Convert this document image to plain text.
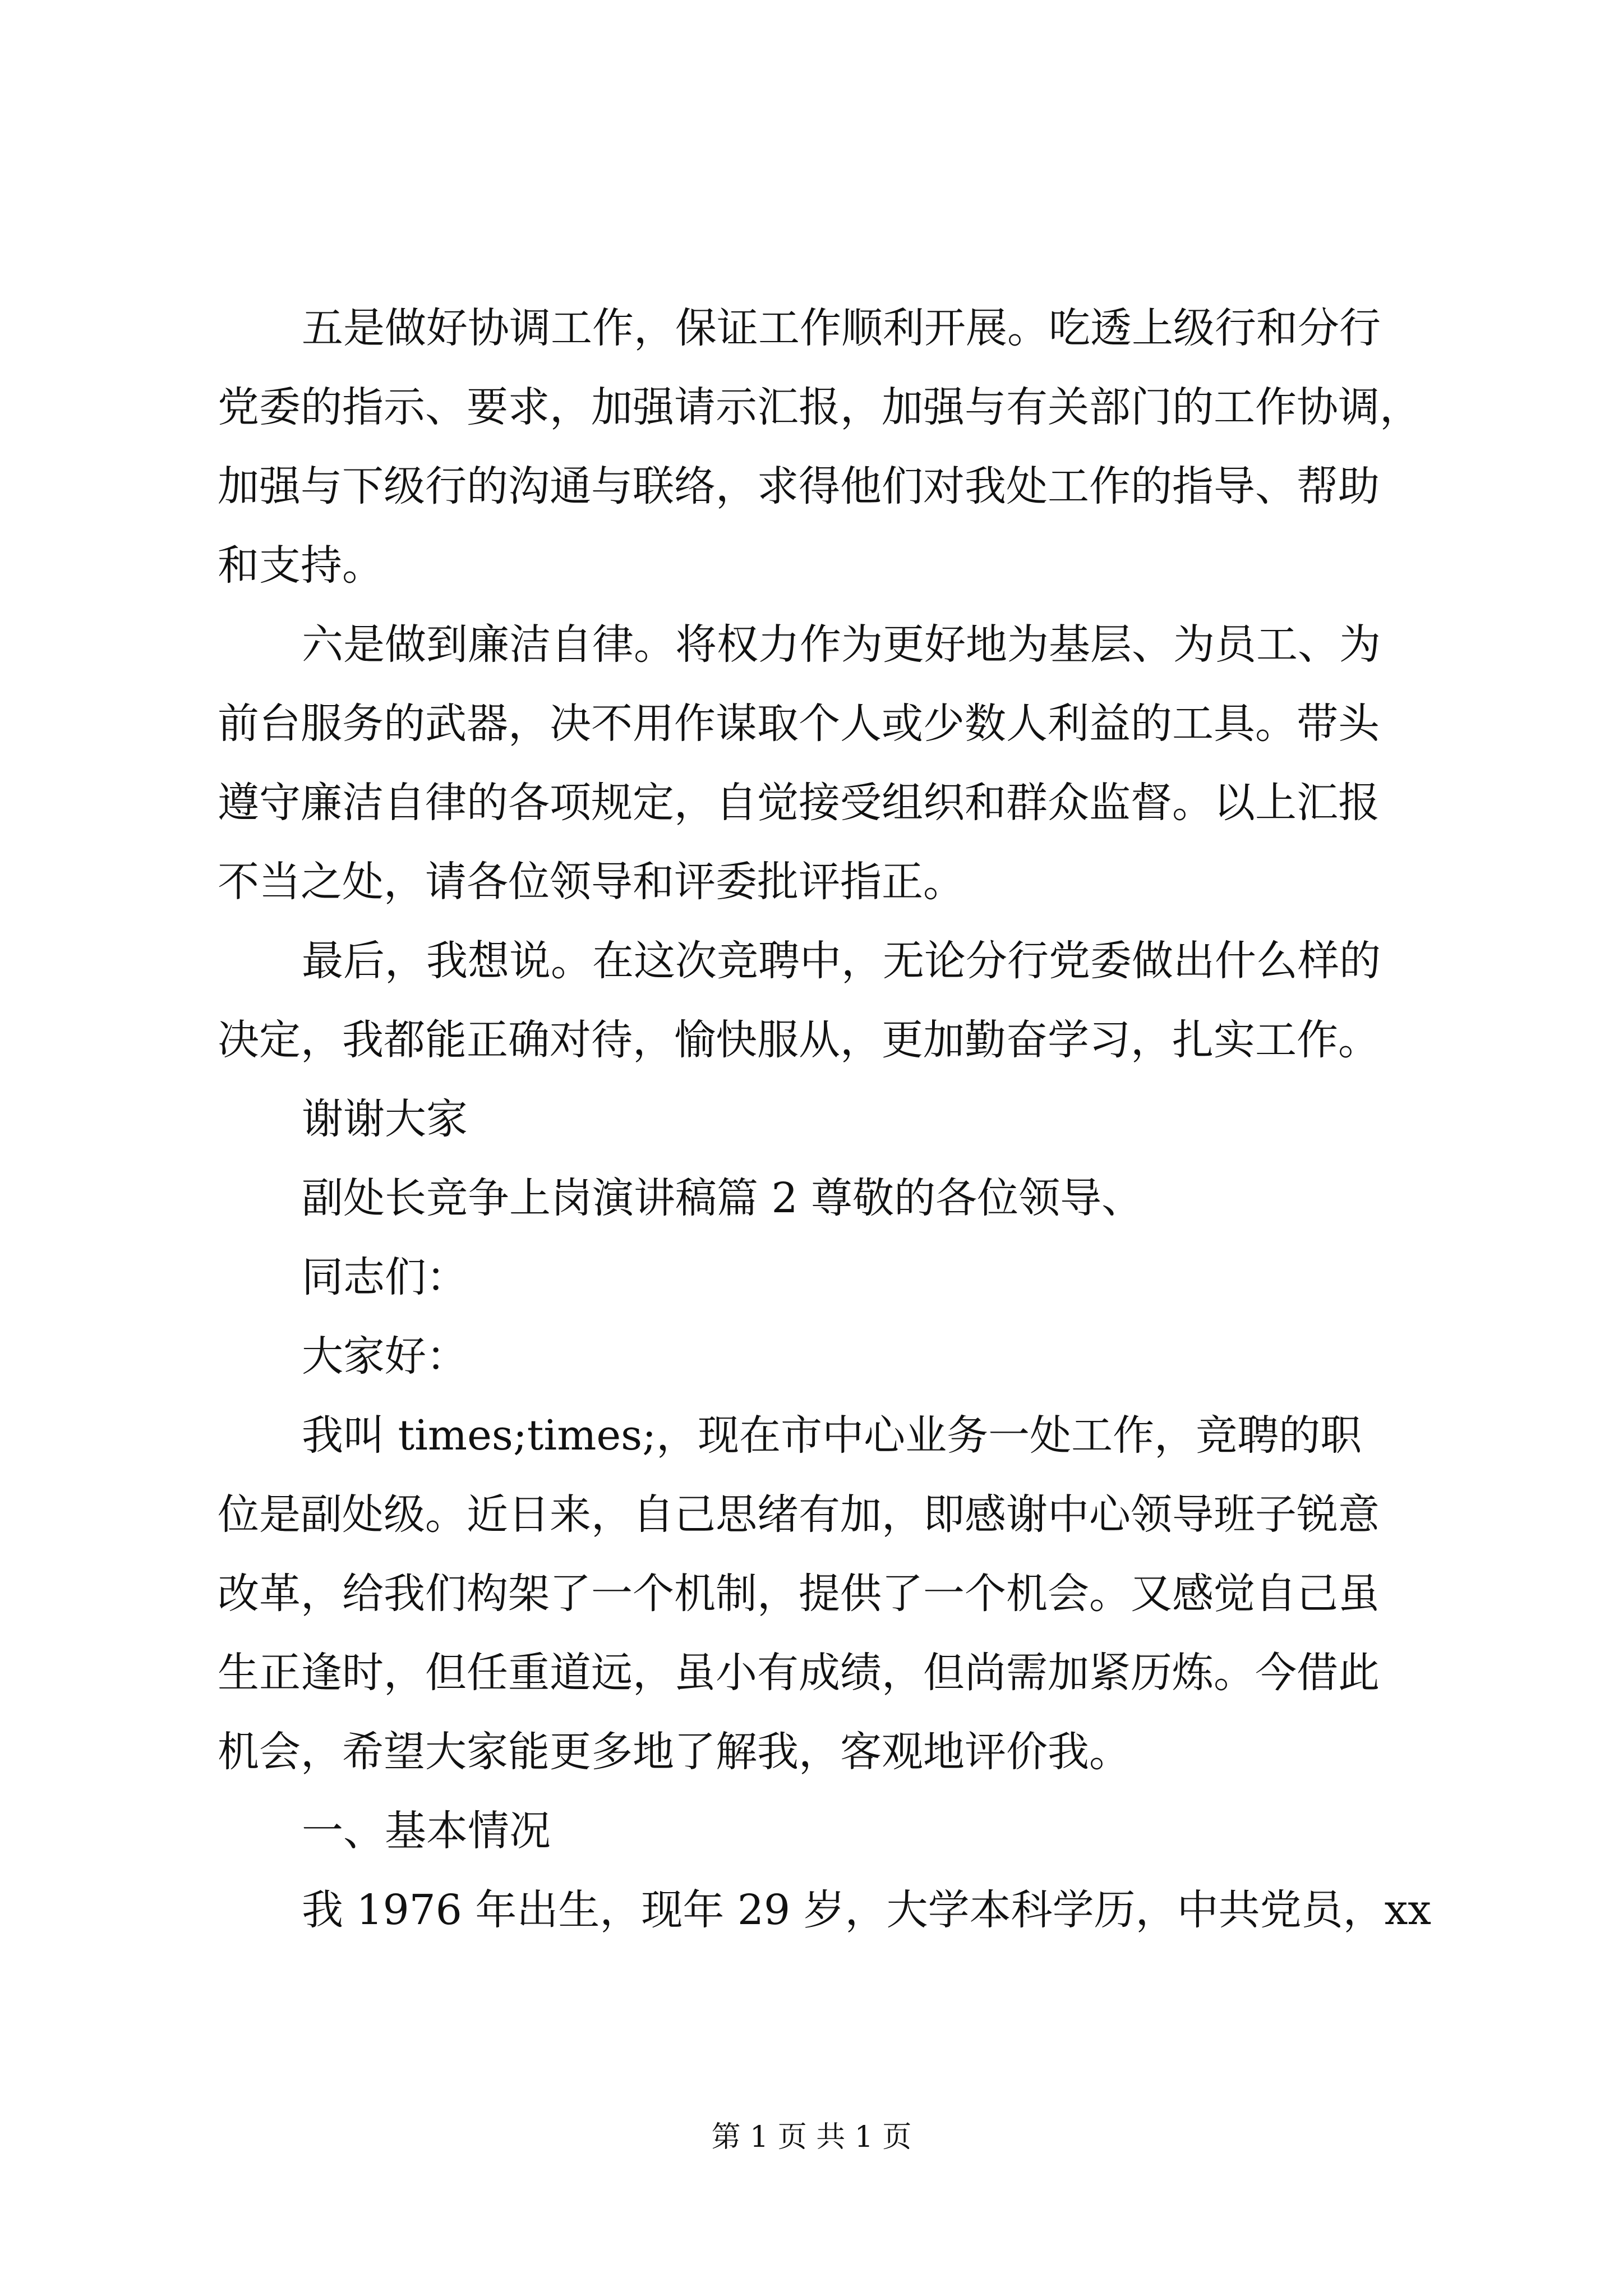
五是做好协调工作，保证工作顺利开展。吃透上级行和分行
党委的指示、要求，加强请示汇报，加强与有关部门的工作协调，
加强与下级行的沟通与联络，求得他们对我处工作的指导、帮助
和支持。
六是做到廉洁自律。将权力作为更好地为基层、为员工、为
前台服务的武器，决不用作谋取个人或少数人利益的工具。带头
遵守廉洁自律的各项规定，自觉接受组织和群众监督。以上汇报
不当之处，请各位领导和评委批评指正。
最后，我想说。在这次竞聘中，无论分行党委做出什么样的
决定，我都能正确对待，愉快服从，更加勤奋学习，扎实工作。
谢谢大家
副处长竞争上岗演讲稿篇 2 尊敬的各位领导、
同志们：
大家好：
我叫 times;times;，现在市中心业务一处工作，竞聘的职
位是副处级。近日来，自己思绪有加，即感谢中心领导班子锐意
改革，给我们构架了一个机制，提供了一个机会。又感觉自己虽
生正逢时，但任重道远，虽小有成绩，但尚需加紧历炼。今借此
机会，希望大家能更多地了解我，客观地评价我。
一、基本情况
我 1976 年出生，现年 29 岁，大学本科学历，中共党员，xx
第 1 页 共 1 页
